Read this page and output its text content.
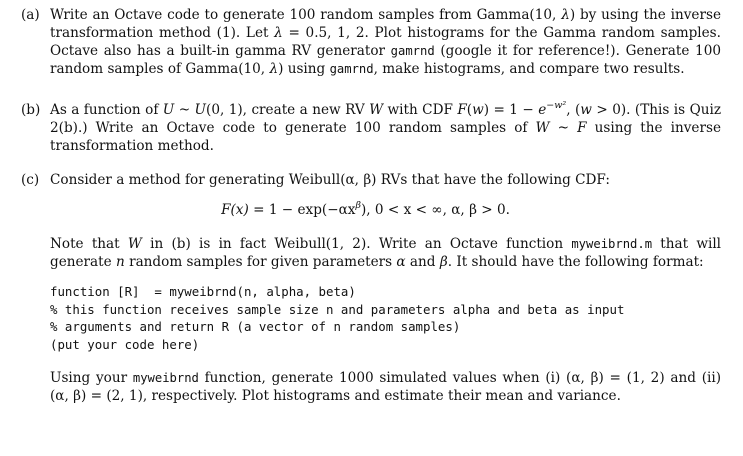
(a) Write an Octave code to generate 100 random samples from Gamma(10, λ) by using the inverse transformation method (1). Let λ = 0.5, 1, 2. Plot histograms for the Gamma random samples. Octave also has a built-in gamma RV generator gamrnd (google it for reference!). Generate 100 random samples of Gamma(10, λ) using gamrnd, make histograms, and compare two results.

(b) As a function of U ~ U(0, 1), create a new RV W with CDF $F(w) = 1 - e^{-w^2}$, (w > 0). (This is Quiz 2(b).) Write an Octave code to generate 100 random samples of W ~ F using the inverse transformation method.

(c) Consider a method for generating Weibull(α, β) RVs that have the following CDF:

$F(x) = 1 - \exp(-\alpha x^\beta)$, 0 < x < ∞, α, β > 0.

Note that W in (b) is in fact Weibull(1, 2). Write an Octave function myweibrnd.m that will generate n random samples for given parameters α and β. It should have the following format:

function [R]  = myweibrnd(n, alpha, beta)
% this function receives sample size n and parameters alpha and beta as input
% arguments and return R (a vector of n random samples)
(put your code here)

Using your myweibrnd function, generate 1000 simulated values when (i) (α, β) = (1, 2) and (ii) (α, β) = (2, 1), respectively. Plot histograms and estimate their mean and variance.
